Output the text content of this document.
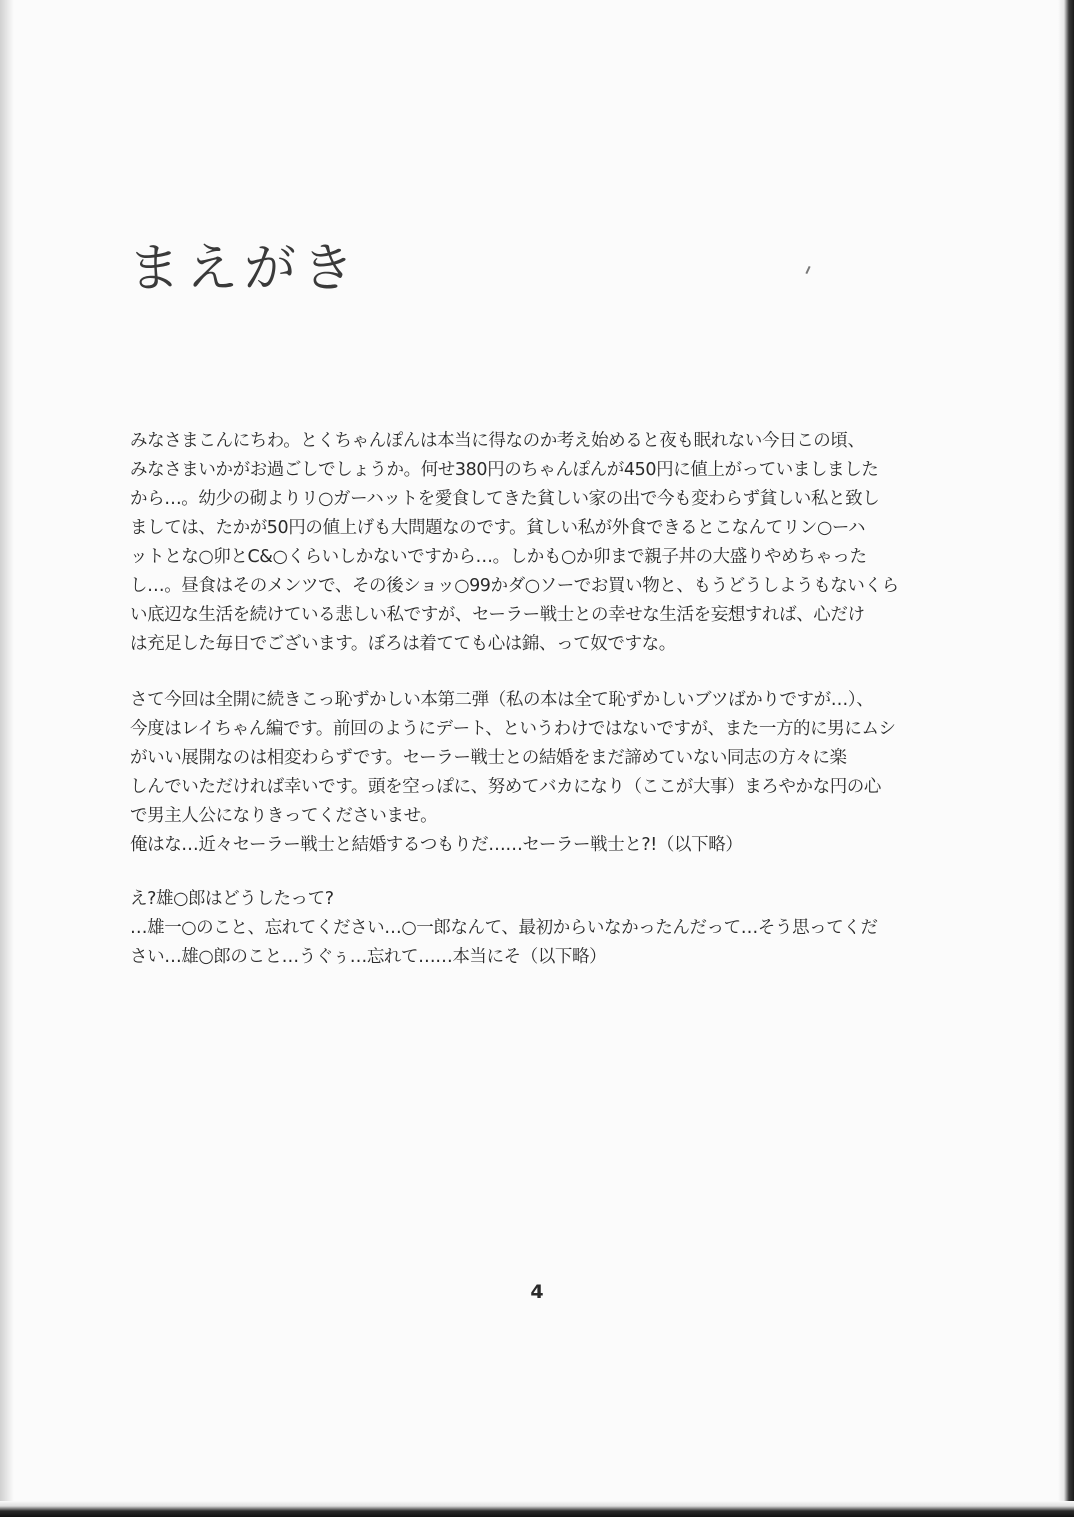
まえがき
みなさまこんにちわ。とくちゃんぽんは本当に得なのか考え始めると夜も眠れない今日この頃、
みなさまいかがお過ごしでしょうか。何せ380円のちゃんぽんが450円に値上がっていましました
から…。幼少の砌よりリ○ガーハットを愛食してきた貧しい家の出で今も変わらず貧しい私と致し
ましては、たかが50円の値上げも大問題なのです。貧しい私が外食できるとこなんてリン○ーハ
ットとな○卯とC&○くらいしかないですから…。しかも○か卯まで親子丼の大盛りやめちゃった
し…。昼食はそのメンツで、その後ショッ○99かダ○ソーでお買い物と、もうどうしようもないくら
い底辺な生活を続けている悲しい私ですが、セーラー戦士との幸せな生活を妄想すれば、心だけ
は充足した毎日でございます。ぼろは着てても心は錦、って奴ですな。
さて今回は全開に続きこっ恥ずかしい本第二弾（私の本は全て恥ずかしいブツばかりですが…）、
今度はレイちゃん編です。前回のようにデート、というわけではないですが、また一方的に男にムシ
がいい展開なのは相変わらずです。セーラー戦士との結婚をまだ諦めていない同志の方々に楽
しんでいただければ幸いです。頭を空っぽに、努めてバカになり（ここが大事）まろやかな円の心
で男主人公になりきってくださいませ。
俺はな…近々セーラー戦士と結婚するつもりだ……セーラー戦士と?!（以下略）
え?雄○郎はどうしたって?
…雄一○のこと、忘れてください…○一郎なんて、最初からいなかったんだって…そう思ってくだ
さい…雄○郎のこと…うぐぅ…忘れて……本当にそ（以下略）
4
